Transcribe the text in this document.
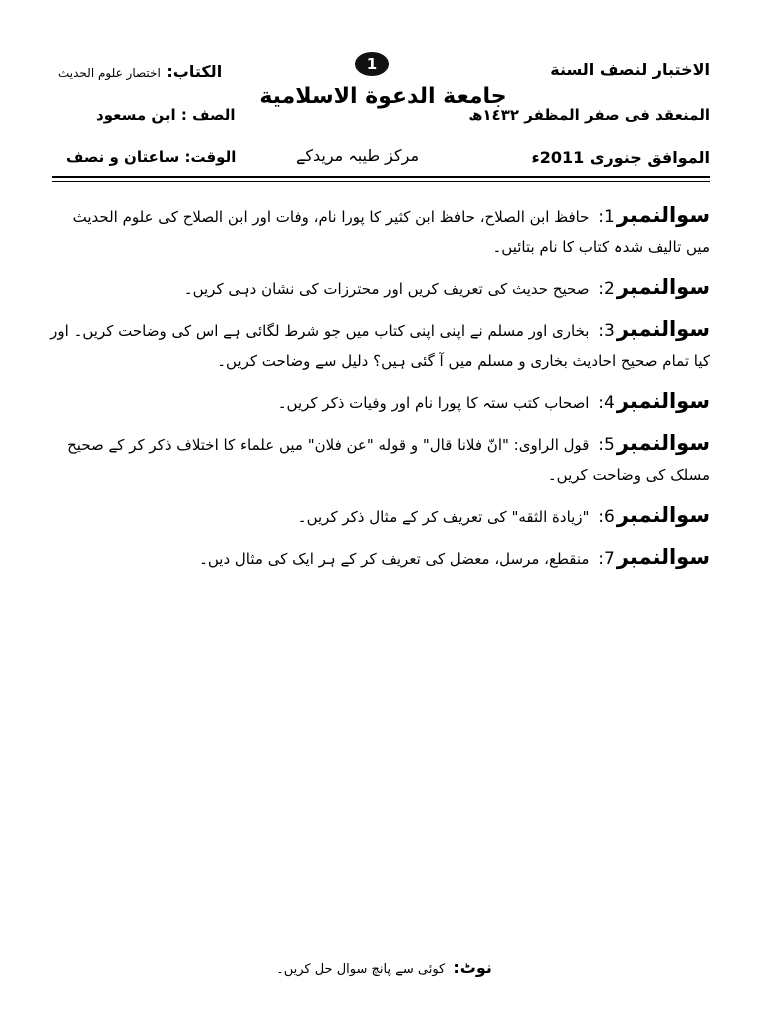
1	الاختبار لنصف السنة
المنعقد فی صفر المظفر ١٤٣٢ھ
الموافق جنوری 2011ء
جامعة الدعوة الاسلامية
مرکز طیبہ مریدکے
الکتاب: اختصار علوم الحدیث
الصف : ابن مسعود
الوقت: ساعتان و نصف
سوالنمبر1: حافظ ابن الصلاح، حافظ ابن کثیر کا پورا نام، وفات اور ابن الصلاح کی علوم الحدیث میں تالیف شدہ کتاب کا نام بتائیں۔
سوالنمبر2: صحیح حدیث کی تعریف کریں اور محترزات کی نشان دہی کریں۔
سوالنمبر3: بخاری اور مسلم نے اپنی اپنی کتاب میں جو شرط لگائی ہے اس کی وضاحت کریں۔ اور کیا تمام صحیح احادیث بخاری و مسلم میں آ گئی ہیں؟ دلیل سے وضاحت کریں۔
سوالنمبر4: اصحاب کتب ستہ کا پورا نام اور وفیات ذکر کریں۔
سوالنمبر5: قول الراوی: "انّ فلانا قال" و قوله "عن فلان" میں علماء کا اختلاف ذکر کر کے صحیح مسلک کی وضاحت کریں۔
سوالنمبر6: "زيادة الثقه" کی تعریف کر کے مثال ذکر کریں۔
سوالنمبر7: منقطع، مرسل، معضل کی تعریف کر کے ہر ایک کی مثال دیں۔
نوٹ: کوئی سے پانچ سوال حل کریں۔
